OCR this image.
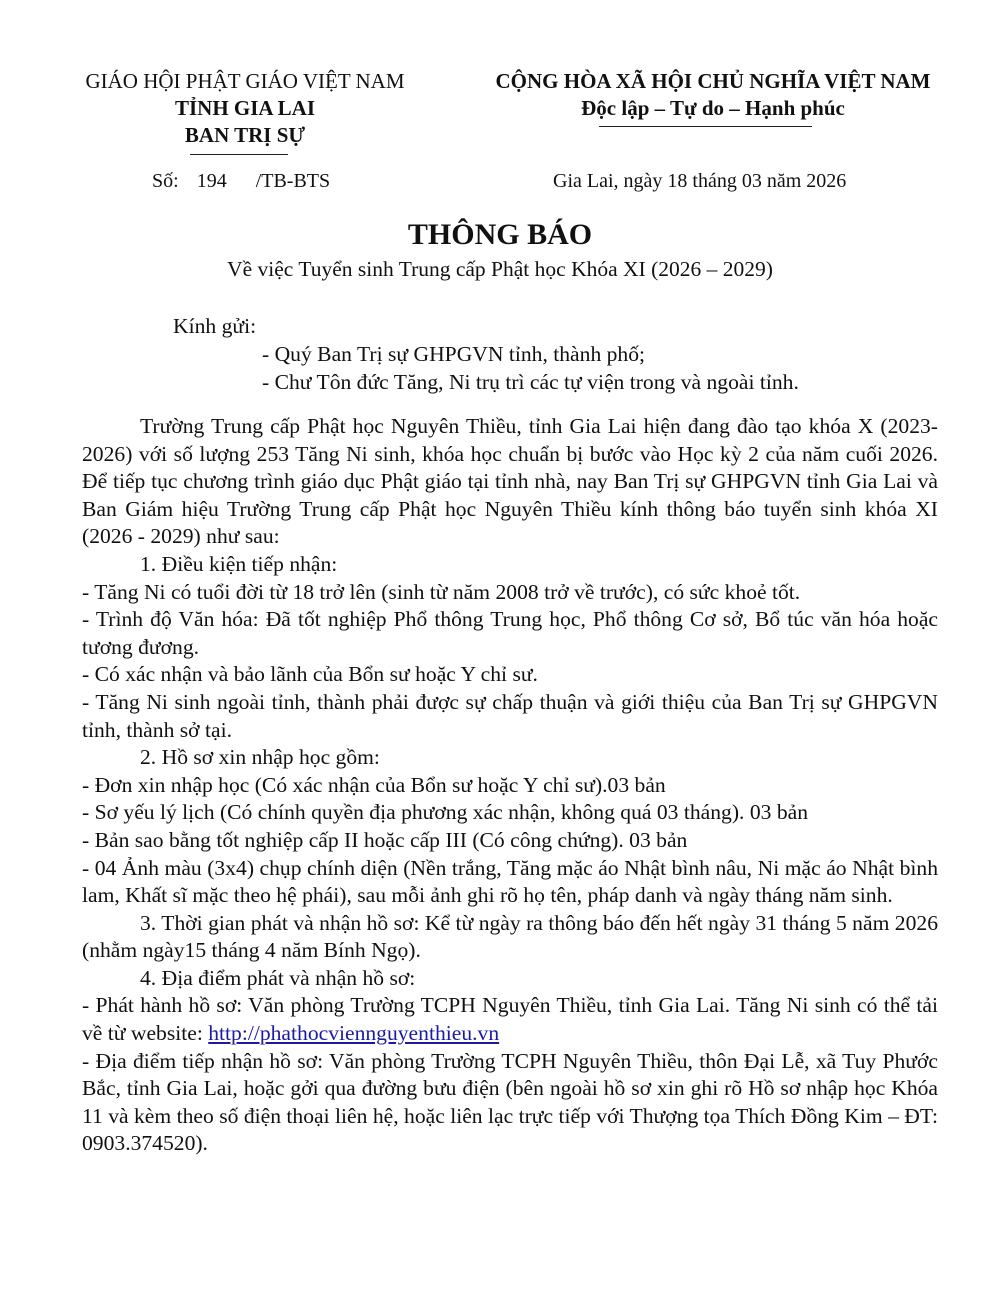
GIÁO HỘI PHẬT GIÁO VIỆT NAM
TỈNH GIA LAI
BAN TRỊ SỰ
CỘNG HÒA XÃ HỘI CHỦ NGHĨA VIỆT NAM
Độc lập – Tự do – Hạnh phúc
Số: 194 /TB-BTS	Gia Lai, ngày 18 tháng 03 năm 2026
THÔNG BÁO
Về việc Tuyển sinh Trung cấp Phật học Khóa XI (2026 – 2029)
Kính gửi:
- Quý Ban Trị sự GHPGVN tỉnh, thành phố;
- Chư Tôn đức Tăng, Ni trụ trì các tự viện trong và ngoài tỉnh.

Trường Trung cấp Phật học Nguyên Thiều, tỉnh Gia Lai hiện đang đào tạo khóa X (2023-2026) với số lượng 253 Tăng Ni sinh, khóa học chuẩn bị bước vào Học kỳ 2 của năm cuối 2026. Để tiếp tục chương trình giáo dục Phật giáo tại tỉnh nhà, nay Ban Trị sự GHPGVN tỉnh Gia Lai và Ban Giám hiệu Trường Trung cấp Phật học Nguyên Thiều kính thông báo tuyển sinh khóa XI (2026 - 2029) như sau:

1. Điều kiện tiếp nhận:

- Tăng Ni có tuổi đời từ 18 trở lên (sinh từ năm 2008 trở về trước), có sức khoẻ tốt.

- Trình độ Văn hóa: Đã tốt nghiệp Phổ thông Trung học, Phổ thông Cơ sở, Bổ túc văn hóa hoặc tương đương.

- Có xác nhận và bảo lãnh của Bổn sư hoặc Y chỉ sư.

- Tăng Ni sinh ngoài tỉnh, thành phải được sự chấp thuận và giới thiệu của Ban Trị sự GHPGVN tỉnh, thành sở tại.

2. Hồ sơ xin nhập học gồm:

- Đơn xin nhập học (Có xác nhận của Bổn sư hoặc Y chỉ sư).03 bản

- Sơ yếu lý lịch (Có chính quyền địa phương xác nhận, không quá 03 tháng). 03 bản

- Bản sao bằng tốt nghiệp cấp II hoặc cấp III (Có công chứng). 03 bản

- 04 Ảnh màu (3x4) chụp chính diện (Nền trắng, Tăng mặc áo Nhật bình nâu, Ni mặc áo Nhật bình lam, Khất sĩ mặc theo hệ phái), sau mỗi ảnh ghi rõ họ tên, pháp danh và ngày tháng năm sinh.

3. Thời gian phát và nhận hồ sơ: Kể từ ngày ra thông báo đến hết ngày 31 tháng 5 năm 2026 (nhằm ngày15 tháng 4 năm Bính Ngọ).

4. Địa điểm phát và nhận hồ sơ:

- Phát hành hồ sơ: Văn phòng Trường TCPH Nguyên Thiều, tỉnh Gia Lai. Tăng Ni sinh có thể tải về từ website: http://phathocviennguyenthieu.vn

- Địa điểm tiếp nhận hồ sơ: Văn phòng Trường TCPH Nguyên Thiều, thôn Đại Lễ, xã Tuy Phước Bắc, tỉnh Gia Lai, hoặc gởi qua đường bưu điện (bên ngoài hồ sơ xin ghi rõ Hồ sơ nhập học Khóa 11 và kèm theo số điện thoại liên hệ, hoặc liên lạc trực tiếp với Thượng tọa Thích Đồng Kim – ĐT: 0903.374520).
